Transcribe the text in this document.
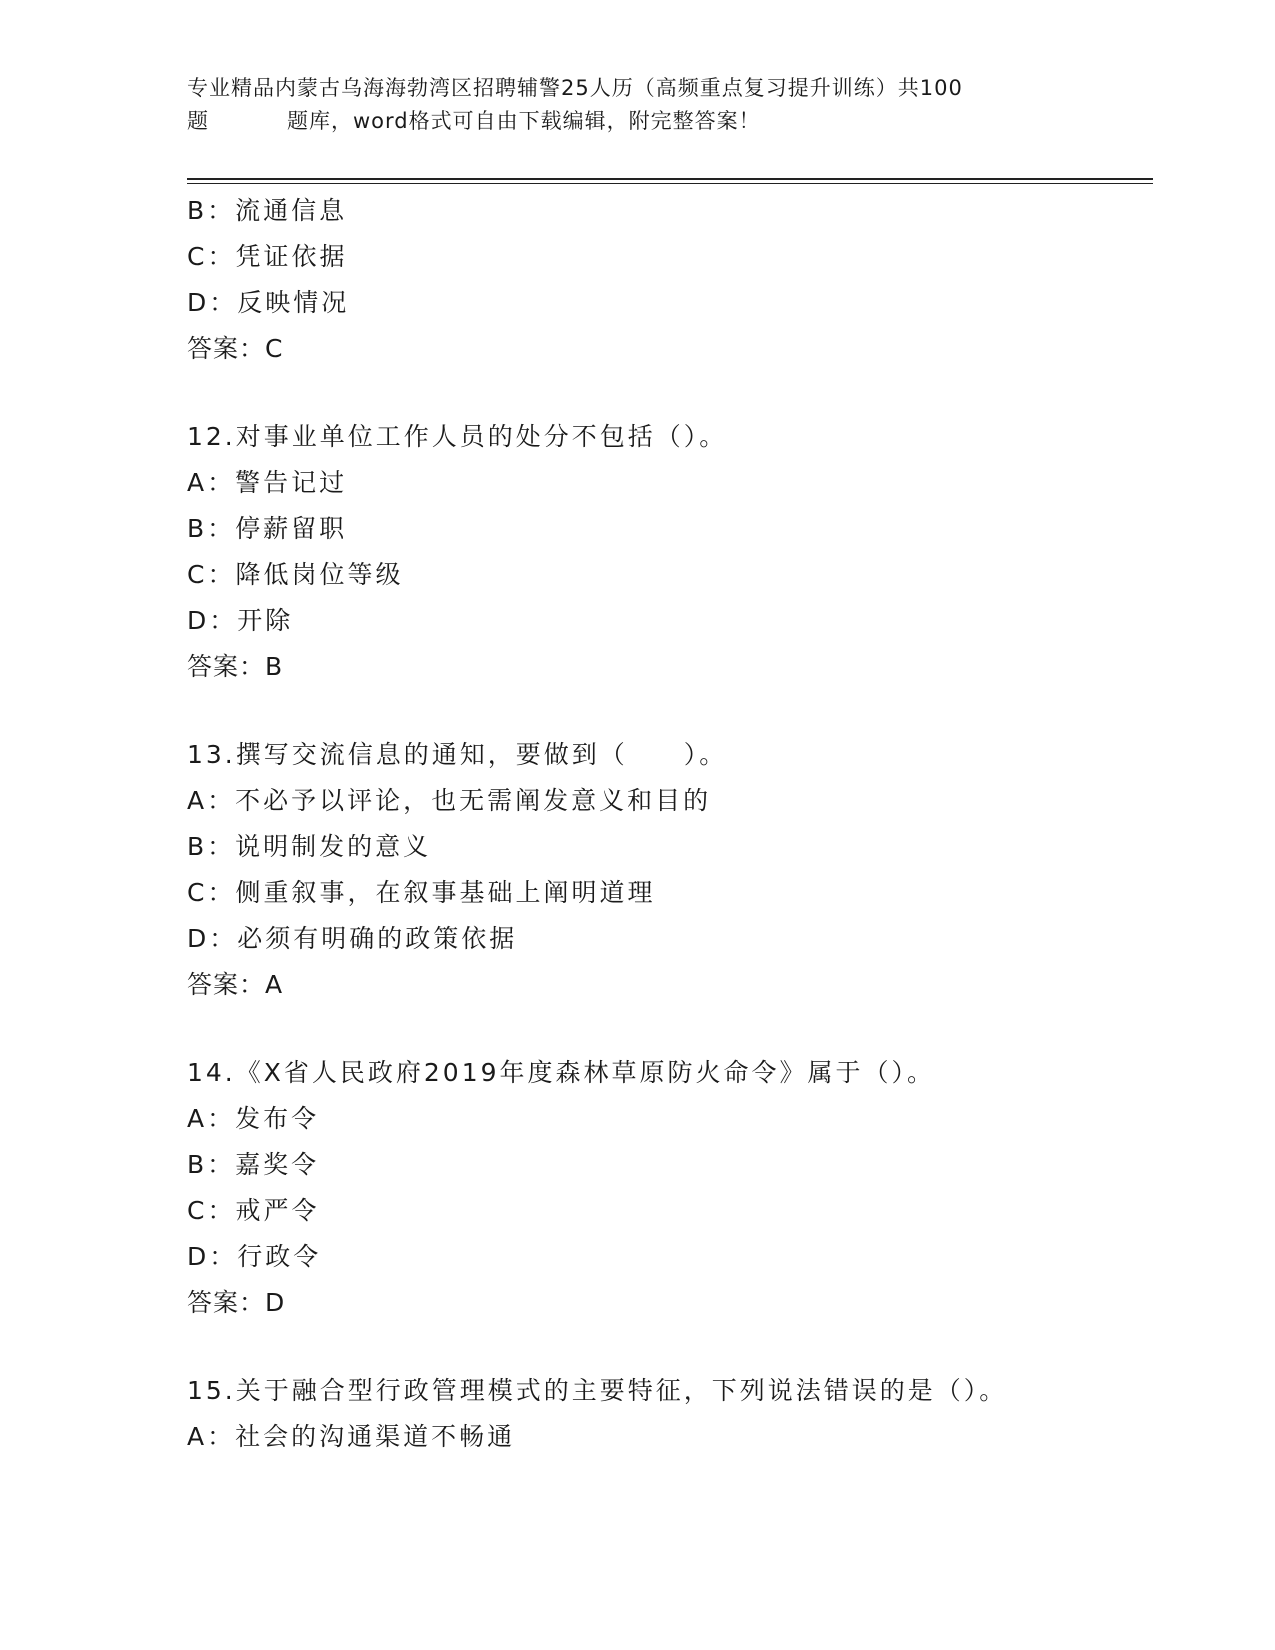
专业精品内蒙古乌海海勃湾区招聘辅警25人历（高频重点复习提升训练）共100
题	题库，word格式可自由下载编辑，附完整答案！
B：流通信息
C：凭证依据
D：反映情况
答案：C
12.对事业单位工作人员的处分不包括（）。
A：警告记过
B：停薪留职
C：降低岗位等级
D：开除
答案：B
13.撰写交流信息的通知，要做到（　　）。
A：不必予以评论，也无需阐发意义和目的
B：说明制发的意义
C：侧重叙事，在叙事基础上阐明道理
D：必须有明确的政策依据
答案：A
14.《X省人民政府2019年度森林草原防火命令》属于（）。
A：发布令
B：嘉奖令
C：戒严令
D：行政令
答案：D
15.关于融合型行政管理模式的主要特征，下列说法错误的是（）。
A：社会的沟通渠道不畅通
